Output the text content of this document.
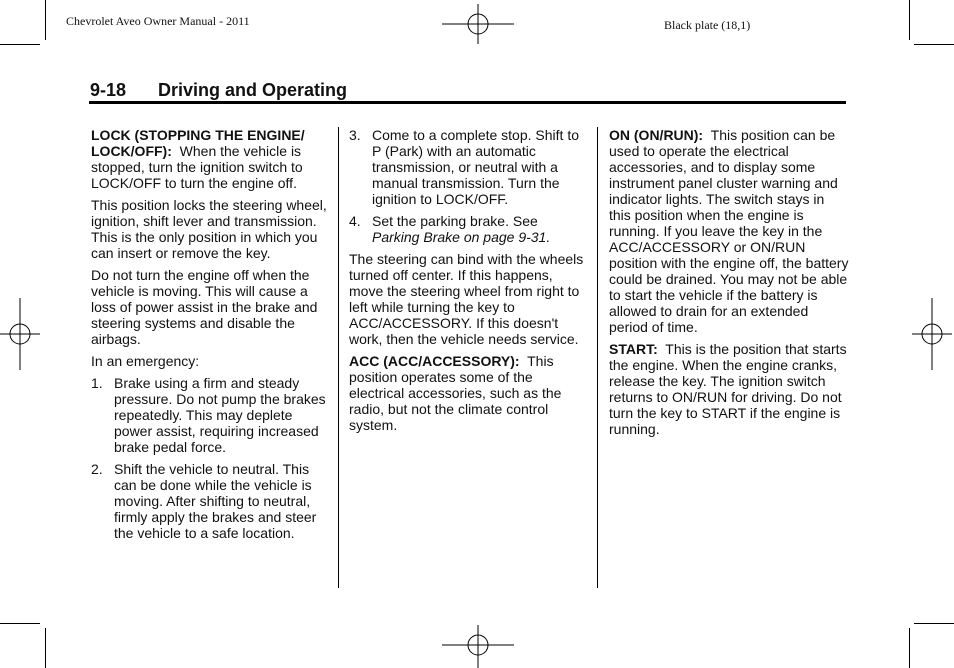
Chevrolet Aveo Owner Manual - 2011	Black plate (18,1)
9-18 Driving and Operating

LOCK (STOPPING THE ENGINE/ LOCK/OFF): When the vehicle is stopped, turn the ignition switch to LOCK/OFF to turn the engine off.

This position locks the steering wheel, ignition, shift lever and transmission. This is the only position in which you can insert or remove the key.

Do not turn the engine off when the vehicle is moving. This will cause a loss of power assist in the brake and steering systems and disable the airbags.

In an emergency:

1. Brake using a firm and steady pressure. Do not pump the brakes repeatedly. This may deplete power assist, requiring increased brake pedal force.
2. Shift the vehicle to neutral. This can be done while the vehicle is moving. After shifting to neutral, firmly apply the brakes and steer the vehicle to a safe location.
3. Come to a complete stop. Shift to P (Park) with an automatic transmission, or neutral with a manual transmission. Turn the ignition to LOCK/OFF.
4. Set the parking brake. See Parking Brake on page 9-31.

The steering can bind with the wheels turned off center. If this happens, move the steering wheel from right to left while turning the key to ACC/ACCESSORY. If this doesn't work, then the vehicle needs service.

ACC (ACC/ACCESSORY): This position operates some of the electrical accessories, such as the radio, but not the climate control system.

ON (ON/RUN): This position can be used to operate the electrical accessories, and to display some instrument panel cluster warning and indicator lights. The switch stays in this position when the engine is running. If you leave the key in the ACC/ACCESSORY or ON/RUN position with the engine off, the battery could be drained. You may not be able to start the vehicle if the battery is allowed to drain for an extended period of time.

START: This is the position that starts the engine. When the engine cranks, release the key. The ignition switch returns to ON/RUN for driving. Do not turn the key to START if the engine is running.
